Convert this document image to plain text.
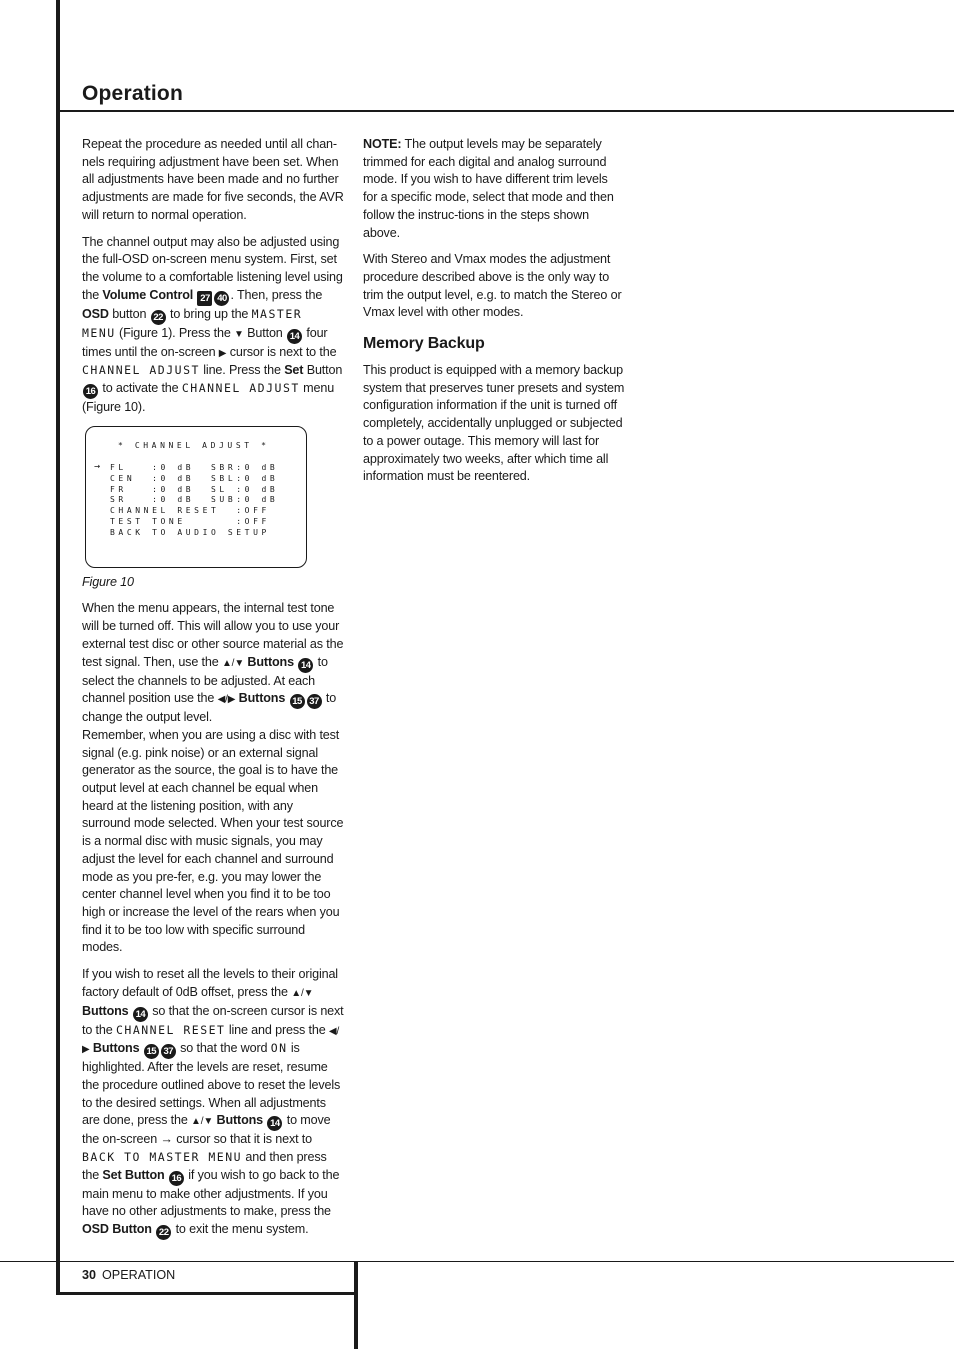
Operation

Repeat the procedure as needed until all chan-nels requiring adjustment have been set. When all adjustments have been made and no further adjustments are made for five seconds, the AVR will return to normal operation.

The channel output may also be adjusted using the full-OSD on-screen menu system. First, set the volume to a comfortable listening level using the Volume Control 27 40 . Then, press the OSD button 22 to bring up the MASTER MENU (Figure 1). Press the ▼ Button 14 four times until the on-screen ▶ cursor is next to the CHANNEL ADJUST line. Press the Set Button 16 to activate the CHANNEL ADJUST menu (Figure 10).

* CHANNEL ADJUST *
→ FL   :0 dB  SBR:0 dB
CEN  :0 dB  SBL:0 dB
FR   :0 dB  SL :0 dB
SR   :0 dB  SUB:0 dB
CHANNEL RESET  :OFF
TEST TONE      :OFF
BACK TO AUDIO SETUP

Figure 10

When the menu appears, the internal test tone will be turned off. This will allow you to use your external test disc or other source material as the test signal. Then, use the ▲/▼ Buttons 14 to select the channels to be adjusted. At each channel position use the ◀/▶ Buttons 15 37 to change the output level.
Remember, when you are using a disc with test signal (e.g. pink noise) or an external signal generator as the source, the goal is to have the output level at each channel be equal when heard at the listening position, with any surround mode selected. When your test source is a normal disc with music signals, you may adjust the level for each channel and surround mode as you pre-fer, e.g. you may lower the center channel level when you find it to be too high or increase the level of the rears when you find it to be too low with specific surround modes.

If you wish to reset all the levels to their original factory default of 0dB offset, press the ▲/▼ Buttons 14 so that the on-screen cursor is next to the CHANNEL RESET line and press the ◀/▶ Buttons 15 37 so that the word ON is highlighted. After the levels are reset, resume the procedure outlined above to reset the levels to the desired settings. When all adjustments are done, press the ▲/▼ Buttons 14 to move the on-screen → cursor so that it is next to BACK TO MASTER MENU and then press the Set Button 16 if you wish to go back to the main menu to make other adjustments. If you have no other adjustments to make, press the OSD Button 22 to exit the menu system.

NOTE: The output levels may be separately trimmed for each digital and analog surround mode. If you wish to have different trim levels for a specific mode, select that mode and then follow the instruc-tions in the steps shown above.

With Stereo and Vmax modes the adjustment procedure described above is the only way to trim the output level, e.g. to match the Stereo or Vmax level with other modes.

Memory Backup

This product is equipped with a memory backup system that preserves tuner presets and system configuration information if the unit is turned off completely, accidentally unplugged or subjected to a power outage. This memory will last for approximately two weeks, after which time all information must be reentered.

30 OPERATION
